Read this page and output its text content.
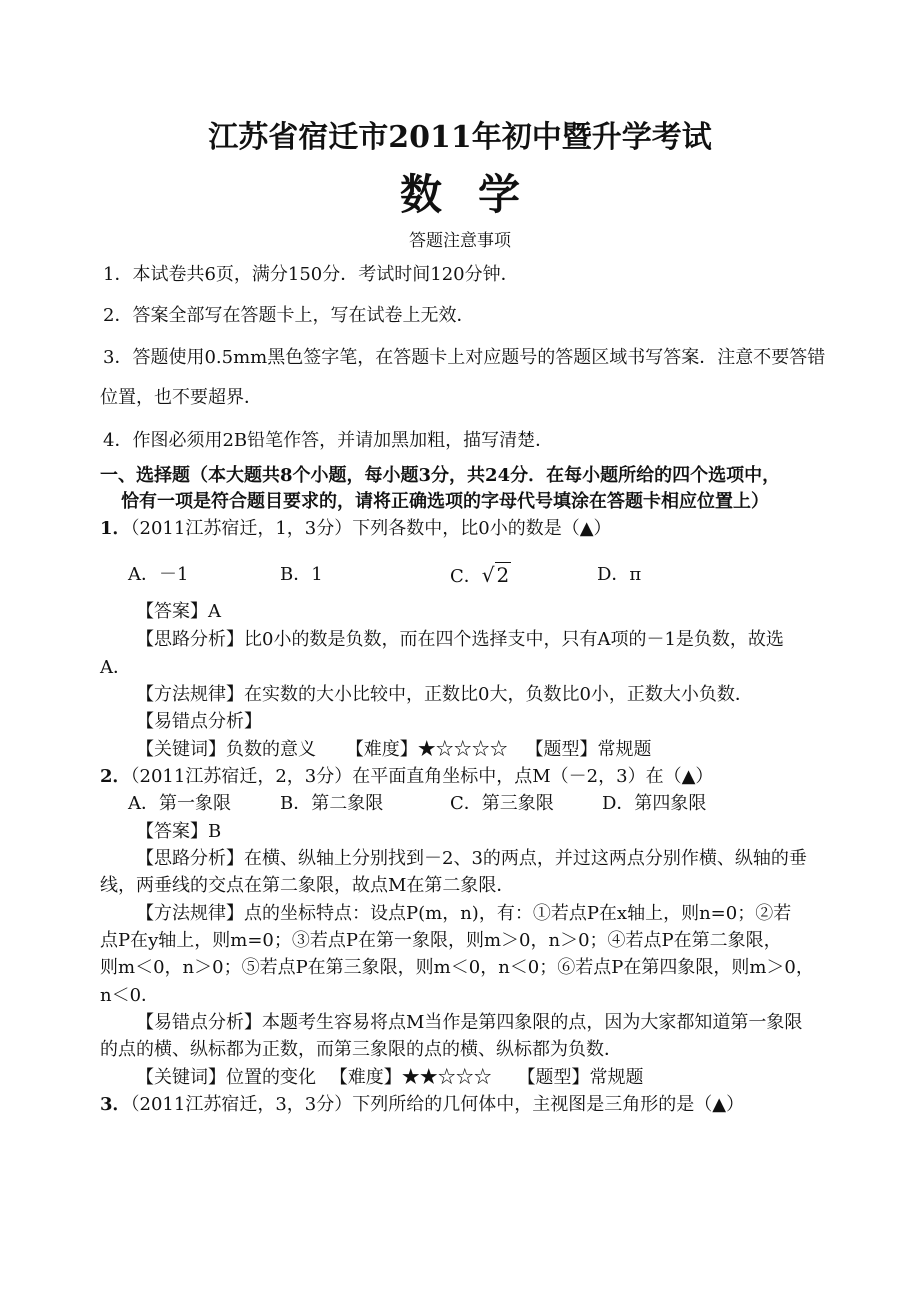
江苏省宿迁市2011年初中暨升学考试
数学
答题注意事项
1．本试卷共6页，满分150分．考试时间120分钟．
2．答案全部写在答题卡上，写在试卷上无效．
3．答题使用0.5mm黑色签字笔，在答题卡上对应题号的答题区域书写答案．注意不要答错
位置，也不要超界．
4．作图必须用2B铅笔作答，并请加黑加粗，描写清楚．
一、选择题（本大题共8个小题，每小题3分，共24分．在每小题所给的四个选项中，
恰有一项是符合题目要求的，请将正确选项的字母代号填涂在答题卡相应位置上）
1．（2011江苏宿迁，1，3分）下列各数中，比0小的数是（▲）
A．－1	B．1	C．√ 2	D．π
【答案】A
【思路分析】比0小的数是负数，而在四个选择支中，只有A项的－1是负数，故选
A．
【方法规律】在实数的大小比较中，正数比0大，负数比0小，正数大小负数．
【易错点分析】
【关键词】负数的意义 【难度】★☆☆☆☆ 【题型】常规题
2．（2011江苏宿迁，2，3分）在平面直角坐标中，点M（－2，3）在（▲）
A．第一象限	B．第二象限	C．第三象限	D．第四象限
【答案】B
【思路分析】在横、纵轴上分别找到－2、3的两点，并过这两点分别作横、纵轴的垂
线，两垂线的交点在第二象限，故点M在第二象限．
【方法规律】点的坐标特点：设点P(m，n)，有：①若点P在x轴上，则n=0；②若
点P在y轴上，则m=0；③若点P在第一象限，则m＞0，n＞0；④若点P在第二象限，
则m＜0，n＞0；⑤若点P在第三象限，则m＜0，n＜0；⑥若点P在第四象限，则m＞0，
n＜0．
【易错点分析】本题考生容易将点M当作是第四象限的点，因为大家都知道第一象限
的点的横、纵标都为正数，而第三象限的点的横、纵标都为负数．
【关键词】位置的变化 【难度】★★☆☆☆ 【题型】常规题
3．（2011江苏宿迁，3，3分）下列所给的几何体中，主视图是三角形的是（▲）
